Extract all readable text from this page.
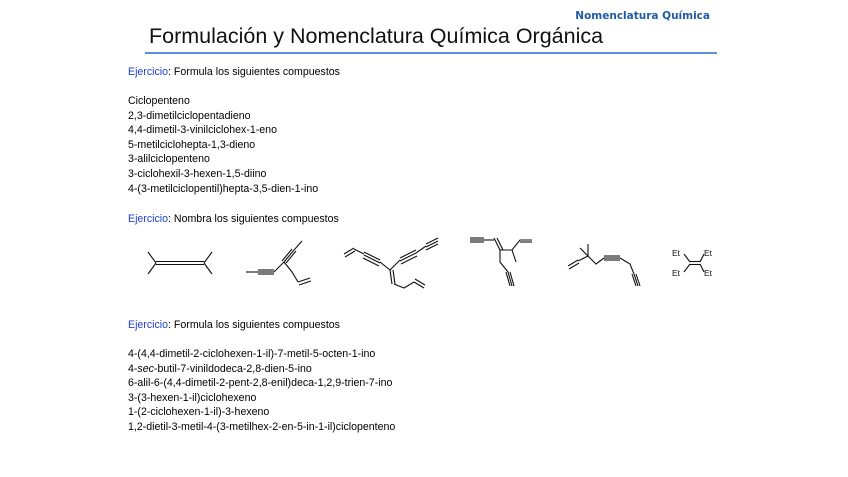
Nomenclatura Química
Formulación y Nomenclatura Química Orgánica
Ejercicio: Formula los siguientes compuestos
Ciclopenteno
2,3-dimetilciclopentadieno
4,4-dimetil-3-vinilciclohex-1-eno
5-metilciclohepta-1,3-dieno
3-alilciclopenteno
3-ciclohexil-3-hexen-1,5-diino
4-(3-metilciclopentil)hepta-3,5-dien-1-ino
Ejercicio: Nombra los siguientes compuestos
Et	Et
Et	Et
Ejercicio: Formula los siguientes compuestos
4-(4,4-dimetil-2-ciclohexen-1-il)-7-metil-5-octen-1-ino
4-sec-butil-7-vinildodeca-2,8-dien-5-ino
6-alil-6-(4,4-dimetil-2-pent-2,8-enil)deca-1,2,9-trien-7-ino
3-(3-hexen-1-il)ciclohexeno
1-(2-ciclohexen-1-il)-3-hexeno
1,2-dietil-3-metil-4-(3-metilhex-2-en-5-in-1-il)ciclopenteno
